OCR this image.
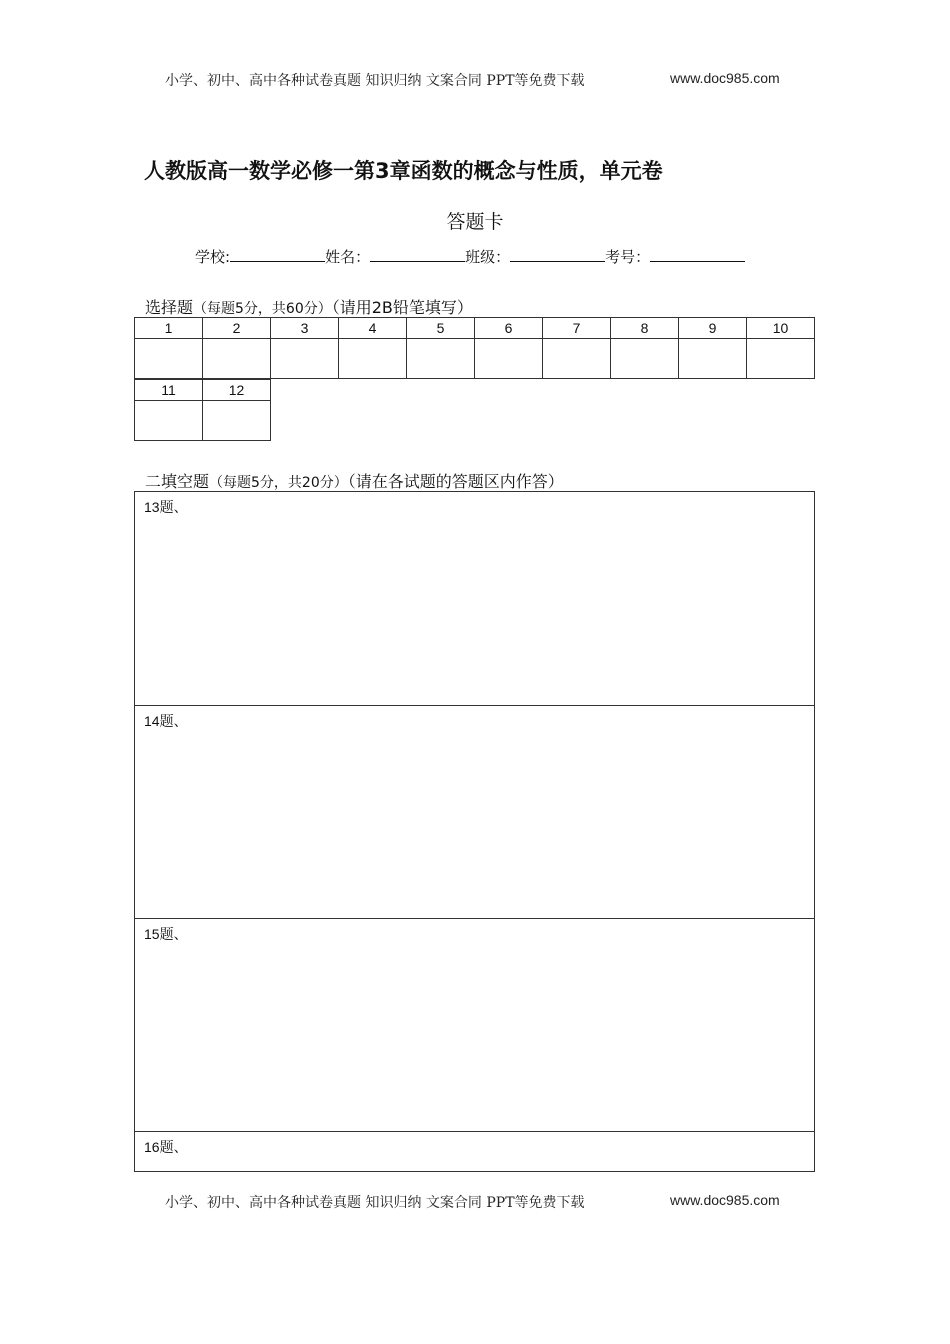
小学、初中、高中各种试卷真题 知识归纳 文案合同 PPT等免费下载	www.doc985.com
人教版高一数学必修一第3章函数的概念与性质，单元卷
答题卡
学校:	姓名：	班级：	考号：
选择题（每题5分，共60分）（请用2B铅笔填写）
1	2	3	4	5	6	7	8	9	10

11	12

二填空题（每题5分，共20分）（请在各试题的答题区内作答）
13题、
14题、
15题、
16题、
小学、初中、高中各种试卷真题 知识归纳 文案合同 PPT等免费下载	www.doc985.com
